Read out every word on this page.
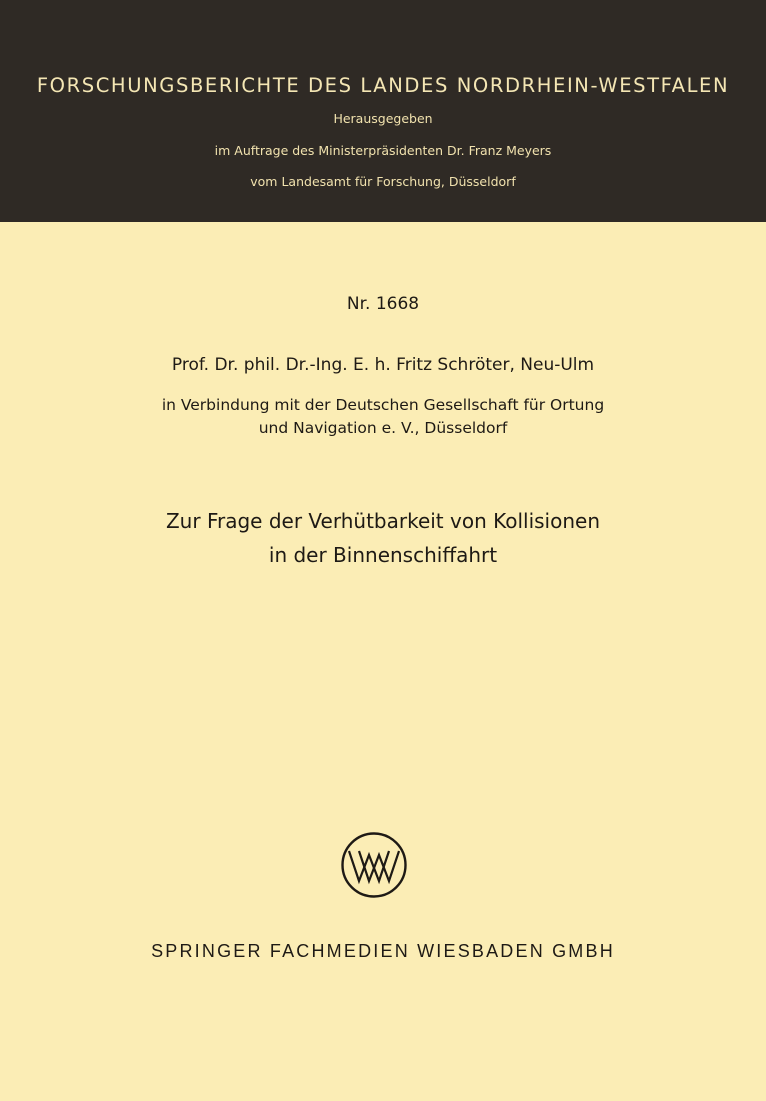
FORSCHUNGSBERICHTE DES LANDES NORDRHEIN-WESTFALEN
Herausgegeben
im Auftrage des Ministerpräsidenten Dr. Franz Meyers
vom Landesamt für Forschung, Düsseldorf
Nr. 1668
Prof. Dr. phil. Dr.-Ing. E. h. Fritz Schröter, Neu-Ulm
in Verbindung mit der Deutschen Gesellschaft für Ortung
und Navigation e. V., Düsseldorf
Zur Frage der Verhütbarkeit von Kollisionen
in der Binnenschiffahrt
SPRINGER FACHMEDIEN WIESBADEN GMBH
